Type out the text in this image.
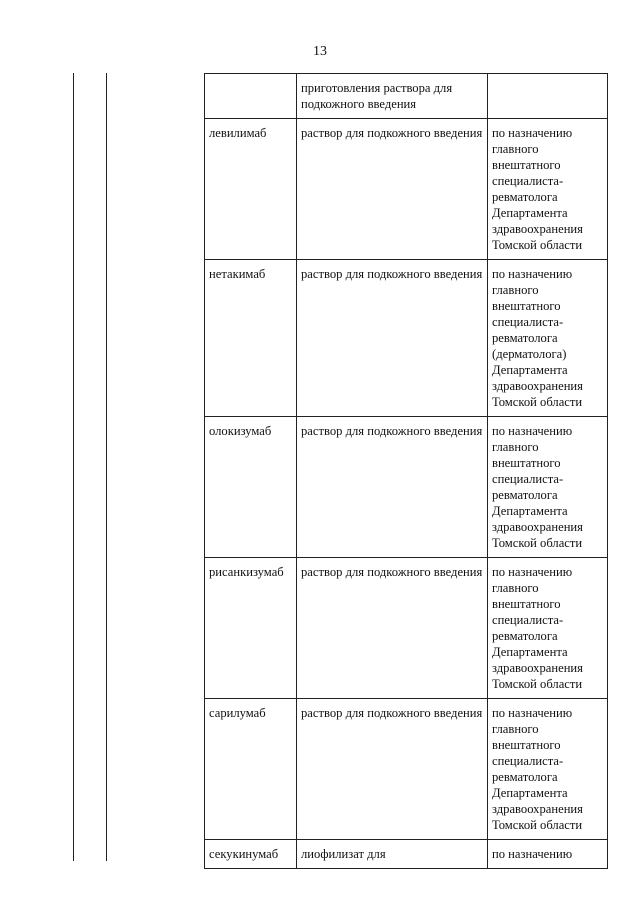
13
	приготовления раствора для подкожного введения	
левилимаб	раствор для подкожного введения	по назначению главного внештатного специалиста-ревматолога Департамента здравоохранения Томской области
нетакимаб	раствор для подкожного введения	по назначению главного внештатного специалиста-ревматолога (дерматолога) Департамента здравоохранения Томской области
олокизумаб	раствор для подкожного введения	по назначению главного внештатного специалиста-ревматолога Департамента здравоохранения Томской области
рисанкизумаб	раствор для подкожного введения	по назначению главного внештатного специалиста-ревматолога Департамента здравоохранения Томской области
сарилумаб	раствор для подкожного введения	по назначению главного внештатного специалиста-ревматолога Департамента здравоохранения Томской области
секукинумаб	лиофилизат для	по назначению
